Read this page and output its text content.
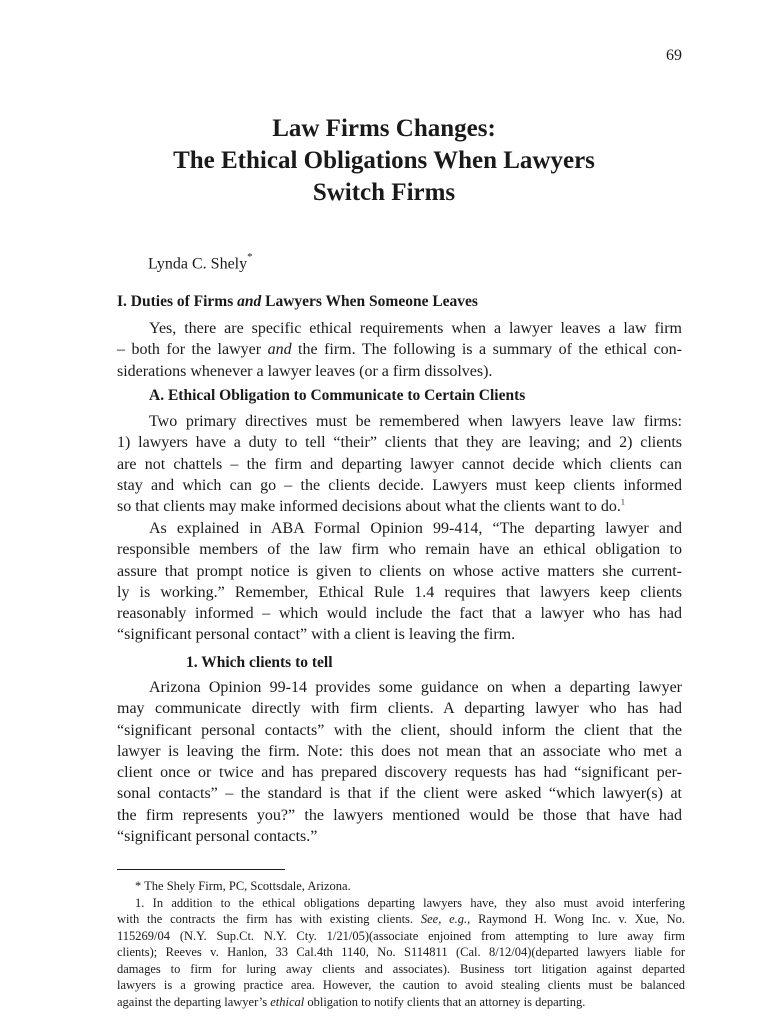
69
Law Firms Changes:
The Ethical Obligations When Lawyers
Switch Firms
Lynda C. Shely*
I. Duties of Firms and Lawyers When Someone Leaves
Yes, there are specific ethical requirements when a lawyer leaves a law firm
– both for the lawyer and the firm. The following is a summary of the ethical con-
siderations whenever a lawyer leaves (or a firm dissolves).
A. Ethical Obligation to Communicate to Certain Clients
Two primary directives must be remembered when lawyers leave law firms:
1) lawyers have a duty to tell “their” clients that they are leaving; and 2) clients
are not chattels – the firm and departing lawyer cannot decide which clients can
stay and which can go – the clients decide. Lawyers must keep clients informed
so that clients may make informed decisions about what the clients want to do.$^1$
As explained in ABA Formal Opinion 99-414, “The departing lawyer and
responsible members of the law firm who remain have an ethical obligation to
assure that prompt notice is given to clients on whose active matters she current-
ly is working.” Remember, Ethical Rule 1.4 requires that lawyers keep clients
reasonably informed – which would include the fact that a lawyer who has had
“significant personal contact” with a client is leaving the firm.
1. Which clients to tell
Arizona Opinion 99-14 provides some guidance on when a departing lawyer
may communicate directly with firm clients. A departing lawyer who has had
“significant personal contacts” with the client, should inform the client that the
lawyer is leaving the firm. Note: this does not mean that an associate who met a
client once or twice and has prepared discovery requests has had “significant per-
sonal contacts” – the standard is that if the client were asked “which lawyer(s) at
the firm represents you?” the lawyers mentioned would be those that have had
“significant personal contacts.”
* The Shely Firm, PC, Scottsdale, Arizona.
1. In addition to the ethical obligations departing lawyers have, they also must avoid interfering
with the contracts the firm has with existing clients. See, e.g., Raymond H. Wong Inc. v. Xue, No.
115269/04 (N.Y. Sup.Ct. N.Y. Cty. 1/21/05)(associate enjoined from attempting to lure away firm
clients); Reeves v. Hanlon, 33 Cal.4th 1140, No. S114811 (Cal. 8/12/04)(departed lawyers liable for
damages to firm for luring away clients and associates). Business tort litigation against departed
lawyers is a growing practice area. However, the caution to avoid stealing clients must be balanced
against the departing lawyer’s ethical obligation to notify clients that an attorney is departing.
